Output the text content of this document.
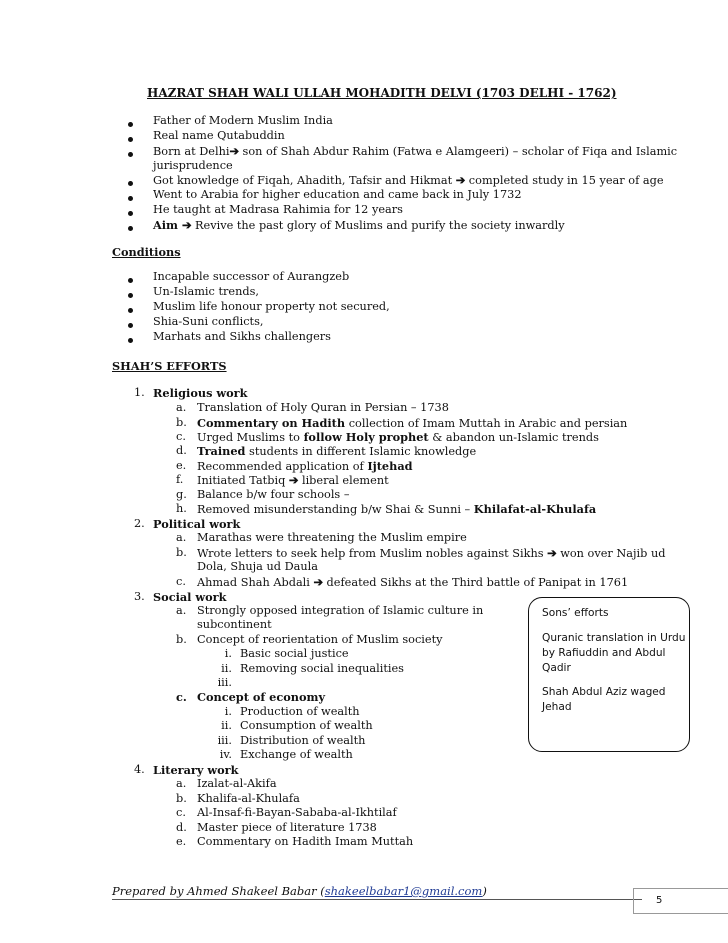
HAZRAT SHAH WALI ULLAH MOHADITH DELVI (1703 DELHI - 1762)
Father of Modern Muslim India
Real name Qutabuddin
Born at Delhi➔ son of Shah Abdur Rahim (Fatwa e Alamgeeri) – scholar of Fiqa and Islamic
jurisprudence
Got knowledge of Fiqah, Ahadith, Tafsir and Hikmat ➔ completed study in 15 year of age
Went to Arabia for higher education and came back in July 1732
He taught at Madrasa Rahimia for 12 years
Aim ➔ Revive the past glory of Muslims and purify the society inwardly
Conditions
Incapable successor of Aurangzeb
Un-Islamic trends,
Muslim life honour property not secured,
Shia-Suni conflicts,
Marhats and Sikhs challengers
SHAH’S EFFORTS
1. Religious work
a. Translation of Holy Quran in Persian – 1738
b. Commentary on Hadith collection of Imam Muttah in Arabic and persian
c. Urged Muslims to follow Holy prophet & abandon un-Islamic trends
d. Trained students in different Islamic knowledge
e. Recommended application of Ijtehad
f. Initiated Tatbiq ➔ liberal element
g. Balance b/w four schools –
h. Removed misunderstanding b/w Shai & Sunni – Khilafat-al-Khulafa
2. Political work
a. Marathas were threatening the Muslim empire
b. Wrote letters to seek help from Muslim nobles against Sikhs ➔ won over Najib ud
Dola, Shuja ud Daula
c. Ahmad Shah Abdali ➔ defeated Sikhs at the Third battle of Panipat in 1761
3. Social work
a. Strongly opposed integration of Islamic culture in
subcontinent
b. Concept of reorientation of Muslim society
i. Basic social justice
ii. Removing social inequalities
iii.
c. Concept of economy
i. Production of wealth
ii. Consumption of wealth
iii. Distribution of wealth
iv. Exchange of wealth
4. Literary work
a. Izalat-al-Akifa
b. Khalifa-al-Khulafa
c. Al-Insaf-fi-Bayan-Sababa-al-Ikhtilaf
d. Master piece of literature 1738
e. Commentary on Hadith Imam Muttah
Sons’ efforts

Quranic translation in Urdu by Rafiuddin and Abdul Qadir

Shah Abdul Aziz waged Jehad

Prepared by Ahmed Shakeel Babar (shakeelbabar1@gmail.com)
5
